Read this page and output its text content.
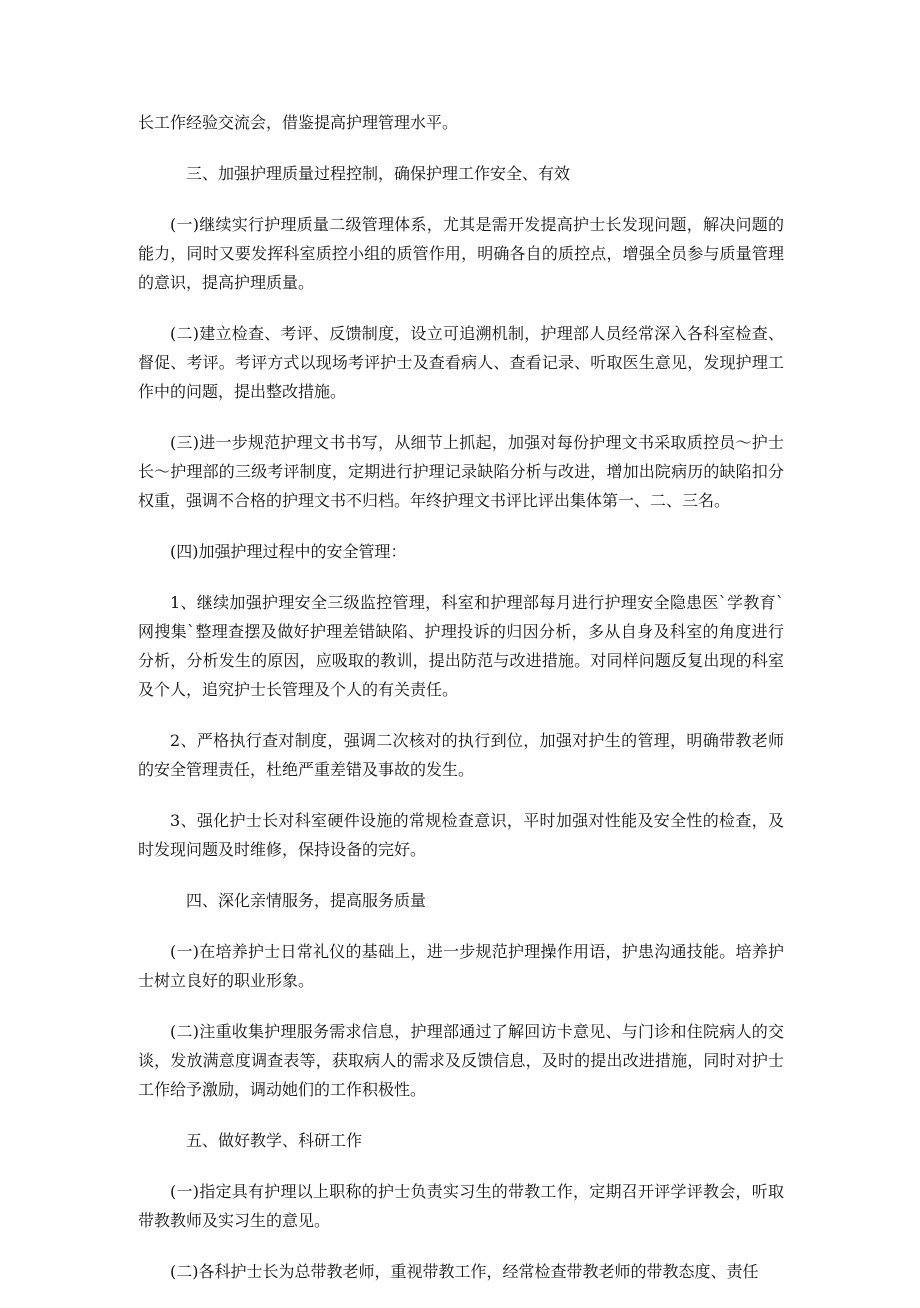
长工作经验交流会，借鉴提高护理管理水平。

三、加强护理质量过程控制，确保护理工作安全、有效

(一)继续实行护理质量二级管理体系，尤其是需开发提高护士长发现问题，解决问题的能力，同时又要发挥科室质控小组的质管作用，明确各自的质控点，增强全员参与质量管理的意识，提高护理质量。

(二)建立检查、考评、反馈制度，设立可追溯机制，护理部人员经常深入各科室检查、督促、考评。考评方式以现场考评护士及查看病人、查看记录、听取医生意见，发现护理工作中的问题，提出整改措施。

(三)进一步规范护理文书书写，从细节上抓起，加强对每份护理文书采取质控员～护士长～护理部的三级考评制度，定期进行护理记录缺陷分析与改进，增加出院病历的缺陷扣分权重，强调不合格的护理文书不归档。年终护理文书评比评出集体第一、二、三名。

(四)加强护理过程中的安全管理：

1、继续加强护理安全三级监控管理，科室和护理部每月进行护理安全隐患医`学教育`网搜集`整理查摆及做好护理差错缺陷、护理投诉的归因分析，多从自身及科室的角度进行分析，分析发生的原因，应吸取的教训，提出防范与改进措施。对同样问题反复出现的科室及个人，追究护士长管理及个人的有关责任。

2、严格执行查对制度，强调二次核对的执行到位，加强对护生的管理，明确带教老师的安全管理责任，杜绝严重差错及事故的发生。

3、强化护士长对科室硬件设施的常规检查意识，平时加强对性能及安全性的检查，及时发现问题及时维修，保持设备的完好。

四、深化亲情服务，提高服务质量

(一)在培养护士日常礼仪的基础上，进一步规范护理操作用语，护患沟通技能。培养护士树立良好的职业形象。

(二)注重收集护理服务需求信息，护理部通过了解回访卡意见、与门诊和住院病人的交谈，发放满意度调查表等，获取病人的需求及反馈信息，及时的提出改进措施，同时对护士工作给予激励，调动她们的工作积极性。

五、做好教学、科研工作

(一)指定具有护理以上职称的护士负责实习生的带教工作，定期召开评学评教会，听取带教教师及实习生的意见。

(二)各科护士长为总带教老师，重视带教工作，经常检查带教老师的带教态度、责任
